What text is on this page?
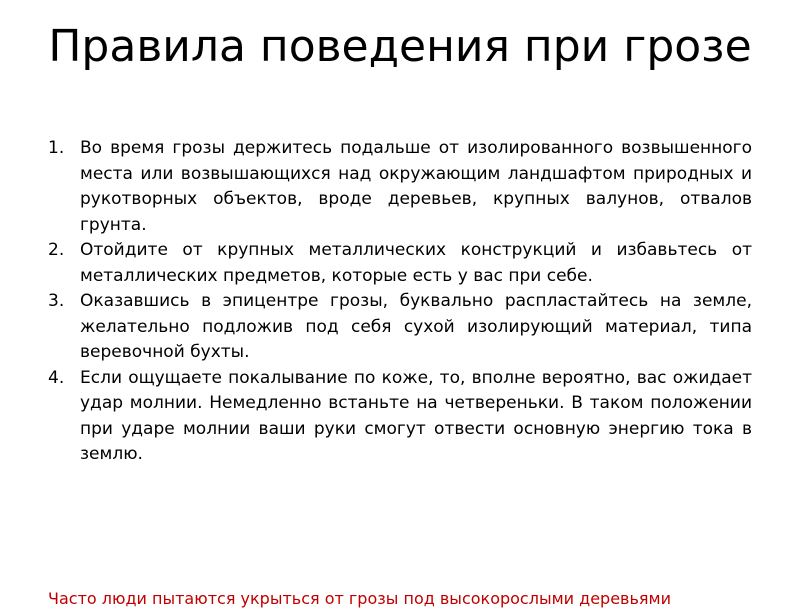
Правила поведения при грозе
1. Во время грозы держитесь подальше от изолированного возвышенного места или возвышающихся над окружающим ландшафтом природных и рукотворных объектов, вроде деревьев, крупных валунов, отвалов грунта.
2. Отойдите от крупных металлических конструкций и избавьтесь от металлических предметов, которые есть у вас при себе.
3. Оказавшись в эпицентре грозы, буквально распластайтесь на земле, желательно подложив под себя сухой изолирующий материал, типа веревочной бухты.
4. Если ощущаете покалывание по коже, то, вполне вероятно, вас ожидает удар молнии. Немедленно встаньте на четвереньки. В таком положении при ударе молнии ваши руки смогут отвести основную энергию тока в землю.
Часто люди пытаются укрыться от грозы под высокорослыми деревьями
